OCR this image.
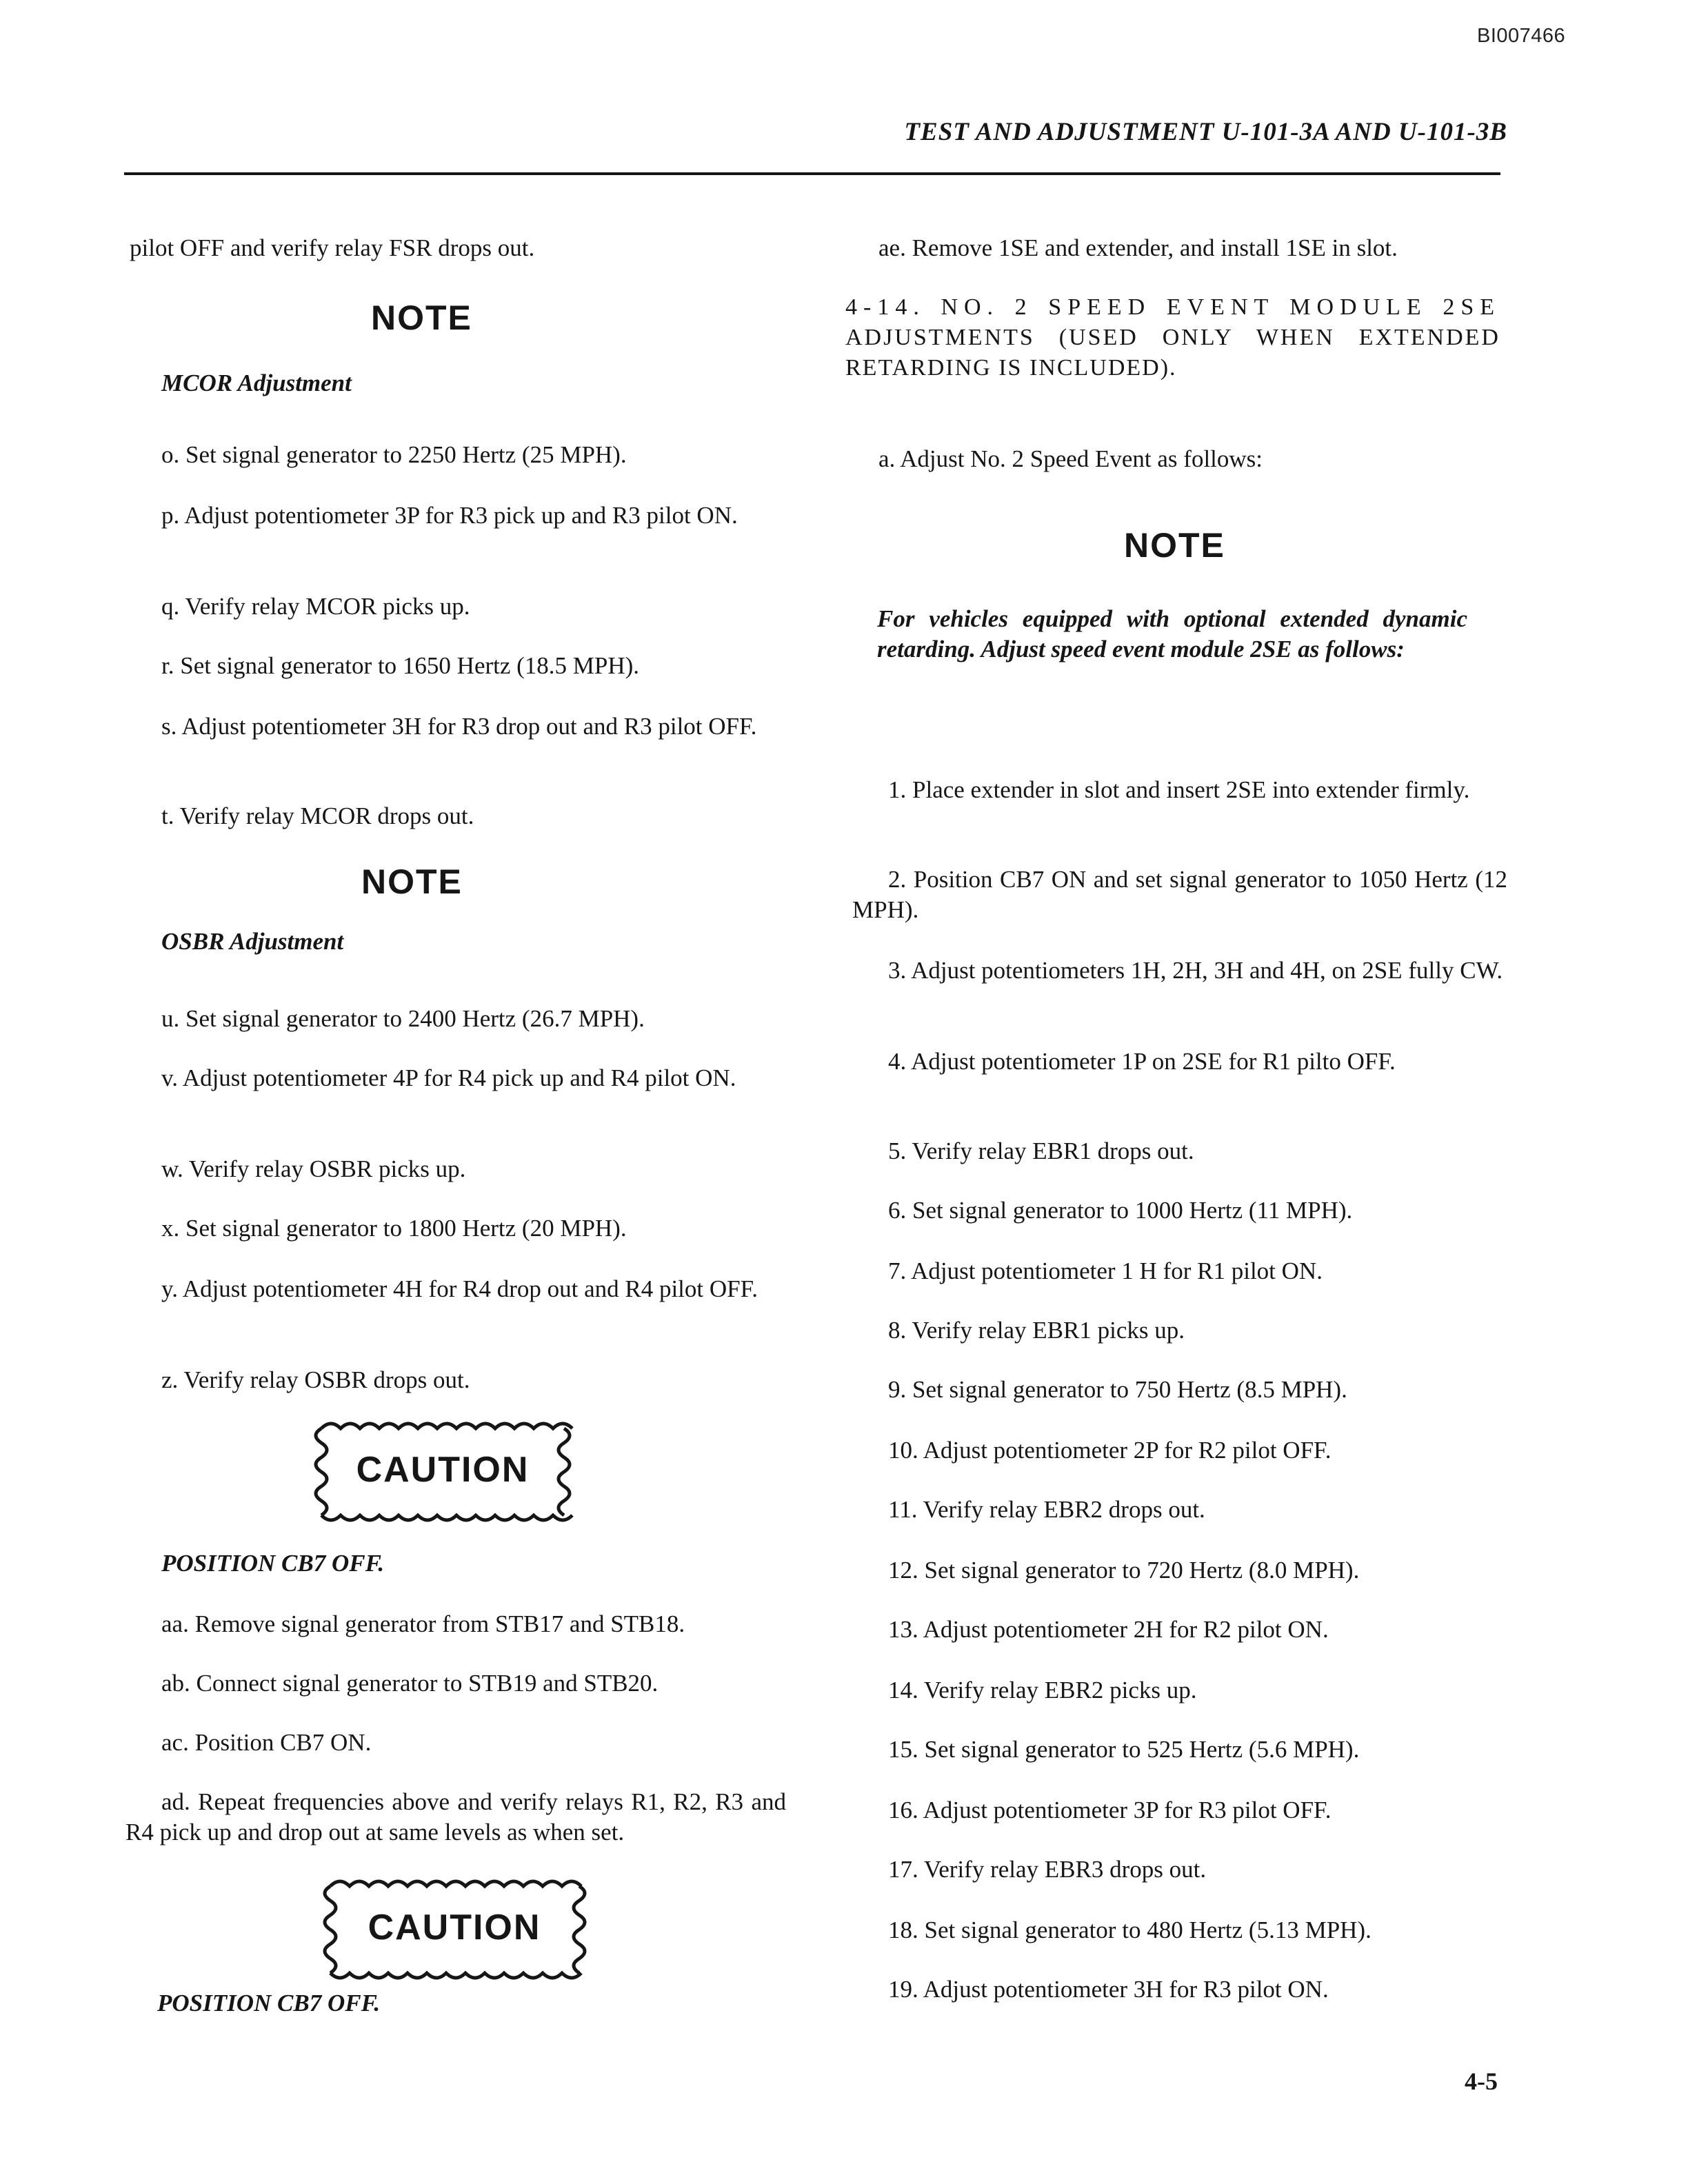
BI007466
TEST AND ADJUSTMENT U-101-3A AND U-101-3B

pilot OFF and verify relay FSR drops out.

NOTE
MCOR Adjustment

o. Set signal generator to 2250 Hertz (25 MPH).

p. Adjust potentiometer 3P for R3 pick up and R3 pilot ON.

q. Verify relay MCOR picks up.

r. Set signal generator to 1650 Hertz (18.5 MPH).

s. Adjust potentiometer 3H for R3 drop out and R3 pilot OFF.

t. Verify relay MCOR drops out.

NOTE
OSBR Adjustment

u. Set signal generator to 2400 Hertz (26.7 MPH).

v. Adjust potentiometer 4P for R4 pick up and R4 pilot ON.

w. Verify relay OSBR picks up.

x. Set signal generator to 1800 Hertz (20 MPH).

y. Adjust potentiometer 4H for R4 drop out and R4 pilot OFF.

z. Verify relay OSBR drops out.

CAUTION
POSITION CB7 OFF.

aa. Remove signal generator from STB17 and STB18.

ab. Connect signal generator to STB19 and STB20.

ac. Position CB7 ON.

ad. Repeat frequencies above and verify relays R1, R2, R3 and R4 pick up and drop out at same levels as when set.

CAUTION
POSITION CB7 OFF.

ae. Remove 1SE and extender, and install 1SE in slot.

4-14. NO. 2 SPEED EVENT MODULE 2SE

ADJUSTMENTS (USED ONLY WHEN EXTENDED

RETARDING IS INCLUDED).

a. Adjust No. 2 Speed Event as follows:

NOTE

For vehicles equipped with optional extended dynamic retarding. Adjust speed event module 2SE as follows:

1. Place extender in slot and insert 2SE into extender firmly.

2. Position CB7 ON and set signal generator to 1050 Hertz (12 MPH).

3. Adjust potentiometers 1H, 2H, 3H and 4H, on 2SE fully CW.

4. Adjust potentiometer 1P on 2SE for R1 pilto OFF.

5. Verify relay EBR1 drops out.

6. Set signal generator to 1000 Hertz (11 MPH).

7. Adjust potentiometer 1 H for R1 pilot ON.

8. Verify relay EBR1 picks up.

9. Set signal generator to 750 Hertz (8.5 MPH).

10. Adjust potentiometer 2P for R2 pilot OFF.

11. Verify relay EBR2 drops out.

12. Set signal generator to 720 Hertz (8.0 MPH).

13. Adjust potentiometer 2H for R2 pilot ON.

14. Verify relay EBR2 picks up.

15. Set signal generator to 525 Hertz (5.6 MPH).

16. Adjust potentiometer 3P for R3 pilot OFF.

17. Verify relay EBR3 drops out.

18. Set signal generator to 480 Hertz (5.13 MPH).

19. Adjust potentiometer 3H for R3 pilot ON.

4-5
